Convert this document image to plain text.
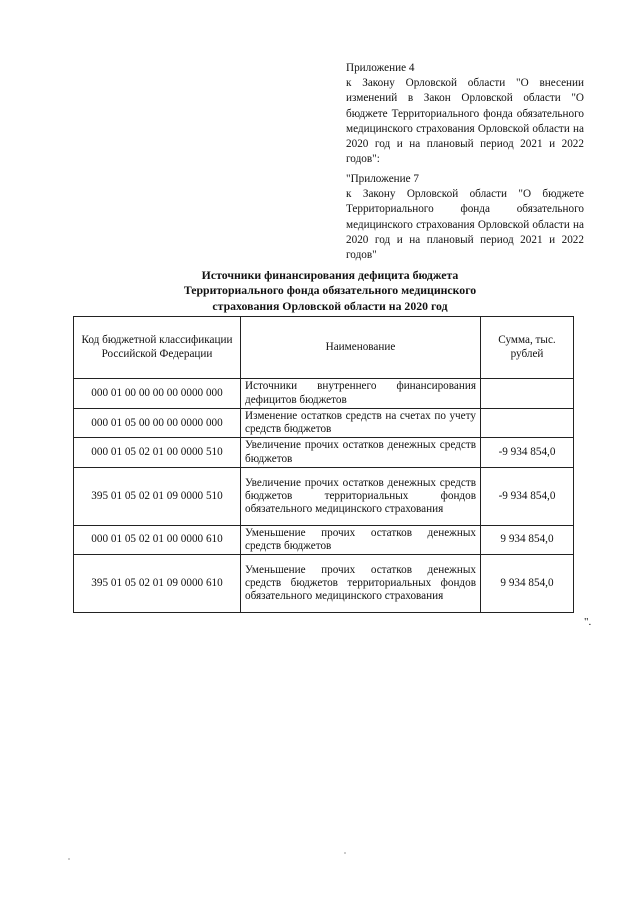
Приложение 4
к Закону Орловской области "О внесении изменений в Закон Орловской области "О бюджете Территориального фонда обязательного медицинского страхования Орловской области на 2020 год и на плановый период 2021 и 2022 годов":
"Приложение 7
к Закону Орловской области "О бюджете Территориального фонда обязательного медицинского страхования Орловской области на 2020 год и на плановый период 2021 и 2022 годов"
Источники финансирования дефицита бюджета
Территориального фонда обязательного медицинского
страхования Орловской области на 2020 год
Код бюджетной классификации Российской Федерации	Наименование	Сумма, тыс. рублей
000 01 00 00 00 00 0000 000	Источники внутреннего финансирования дефицитов бюджетов	
000 01 05 00 00 00 0000 000	Изменение остатков средств на счетах по учету средств бюджетов	
000 01 05 02 01 00 0000 510	Увеличение прочих остатков денежных средств бюджетов	-9 934 854,0
395 01 05 02 01 09 0000 510	Увеличение прочих остатков денежных средств бюджетов территориальных фондов обязательного медицинского страхования	-9 934 854,0
000 01 05 02 01 00 0000 610	Уменьшение прочих остатков денежных средств бюджетов	9 934 854,0
395 01 05 02 01 09 0000 610	Уменьшение прочих остатков денежных средств бюджетов территориальных фондов обязательного медицинского страхования	9 934 854,0
".
